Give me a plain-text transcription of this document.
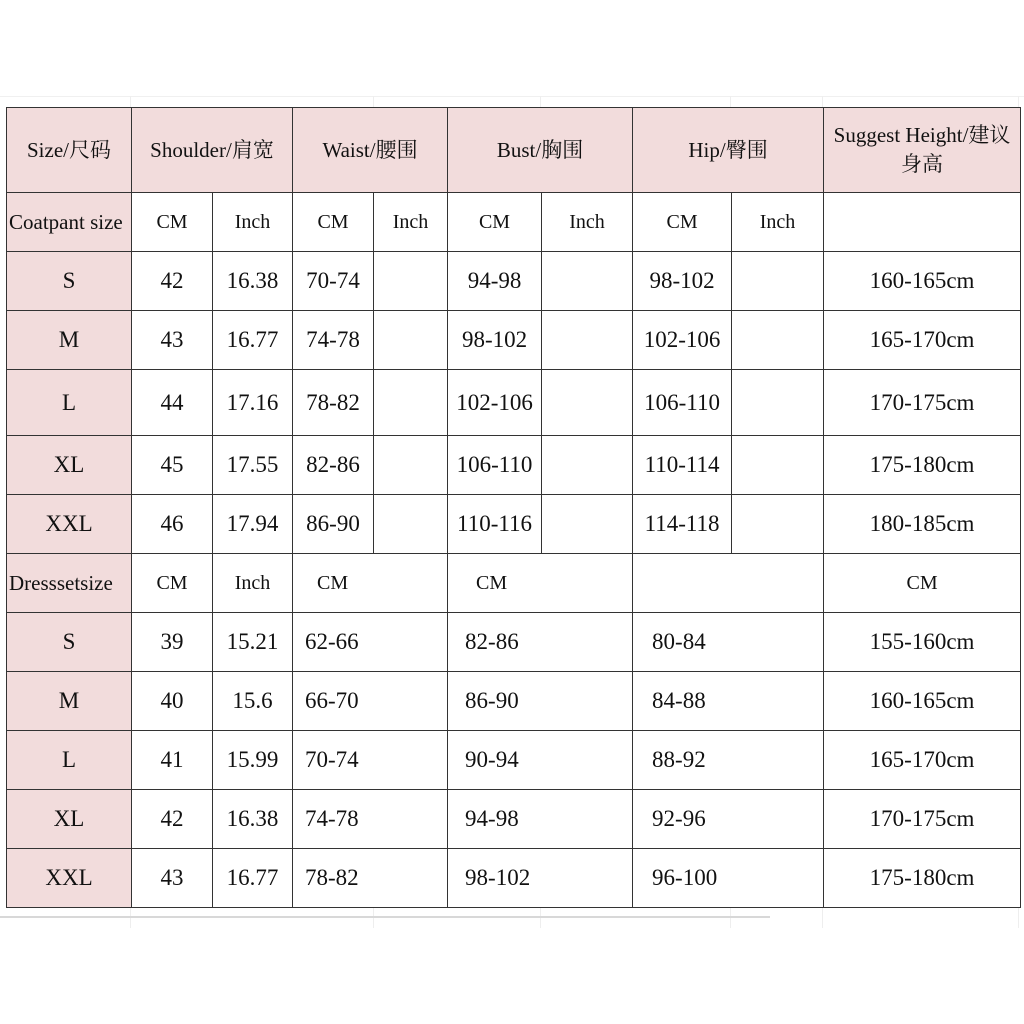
Size/尺码	Shoulder/肩宽		Waist/腰围		Bust/胸围		Hip/臀围		Suggest Height/建议身高
Coatpant size	CM	Inch	CM	Inch	CM	Inch	CM	Inch	
S	42	16.38	70-74		94-98		98-102		160-165cm
M	43	16.77	74-78		98-102		102-106		165-170cm
L	44	17.16	78-82		102-106		106-110		170-175cm
XL	45	17.55	82-86		106-110		110-114		175-180cm
XXL	46	17.94	86-90		110-116		114-118		180-185cm
Dresssetsize	CM	Inch	CM		CM				CM
S	39	15.21	62-66		82-86		80-84		155-160cm
M	40	15.6	66-70		86-90		84-88		160-165cm
L	41	15.99	70-74		90-94		88-92		165-170cm
XL	42	16.38	74-78		94-98		92-96		170-175cm
XXL	43	16.77	78-82		98-102		96-100		175-180cm
